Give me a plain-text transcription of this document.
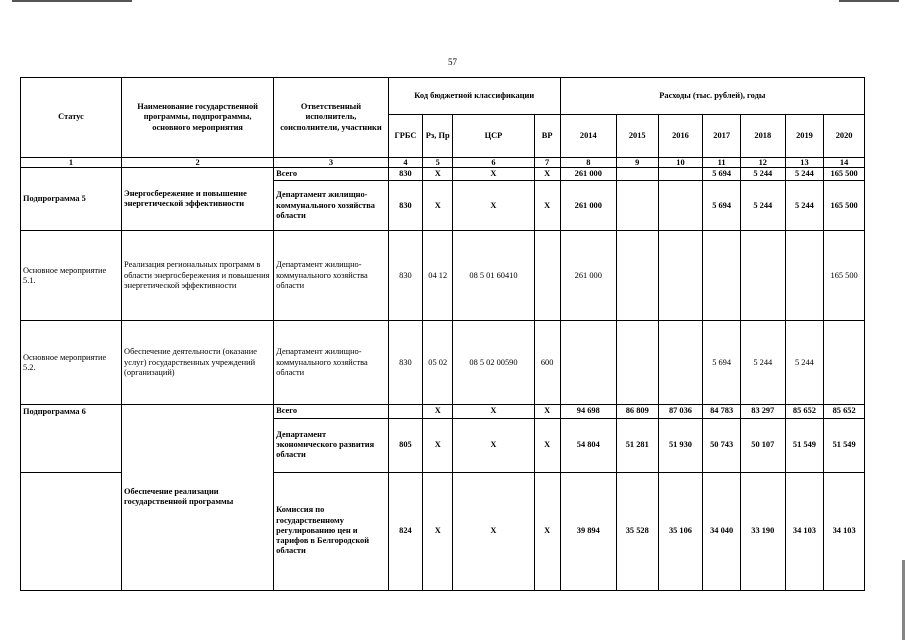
57
Статус	Наименование государственной программы, подпрограммы, основного мероприятия	Ответственный исполнитель, соисполнители, участники	Код бюджетной классификации				Расходы (тыс. рублей), годы						
			ГРБС	Рз, Пр	ЦСР	ВР	2014	2015	2016	2017	2018	2019	2020
1	2	3	4	5	6	7	8	9	10	11	12	13	14
Подпрограмма 5	Энергосбережение и повышение энергетической эффективности	Всего	830	Х	Х	Х	261 000			5 694	5 244	5 244	165 500
		Департамент жилищно-коммунального хозяйства области	830	Х	Х	Х	261 000			5 694	5 244	5 244	165 500
Основное мероприятие 5.1.	Реализация региональных программ в области энергосбережения и повышения энергетической эффективности	Департамент жилищно-коммунального хозяйства области	830	04 12	08 5 01 60410		261 000						165 500
Основное мероприятие 5.2.	Обеспечение деятельности (оказание услуг) государственных учреждений (организаций)	Департамент жилищно-коммунального хозяйства области	830	05 02	08 5 02 00590	600				5 694	5 244	5 244	
Подпрограмма 6	Обеспечение реализации государственной программы	Всего		Х	Х	Х	94 698	86 809	87 036	84 783	83 297	85 652	85 652
		Департамент экономического развития области	805	Х	Х	Х	54 804	51 281	51 930	50 743	50 107	51 549	51 549
		Комиссия по государственному регулированию цен и тарифов в Белгородской области	824	Х	Х	Х	39 894	35 528	35 106	34 040	33 190	34 103	34 103
